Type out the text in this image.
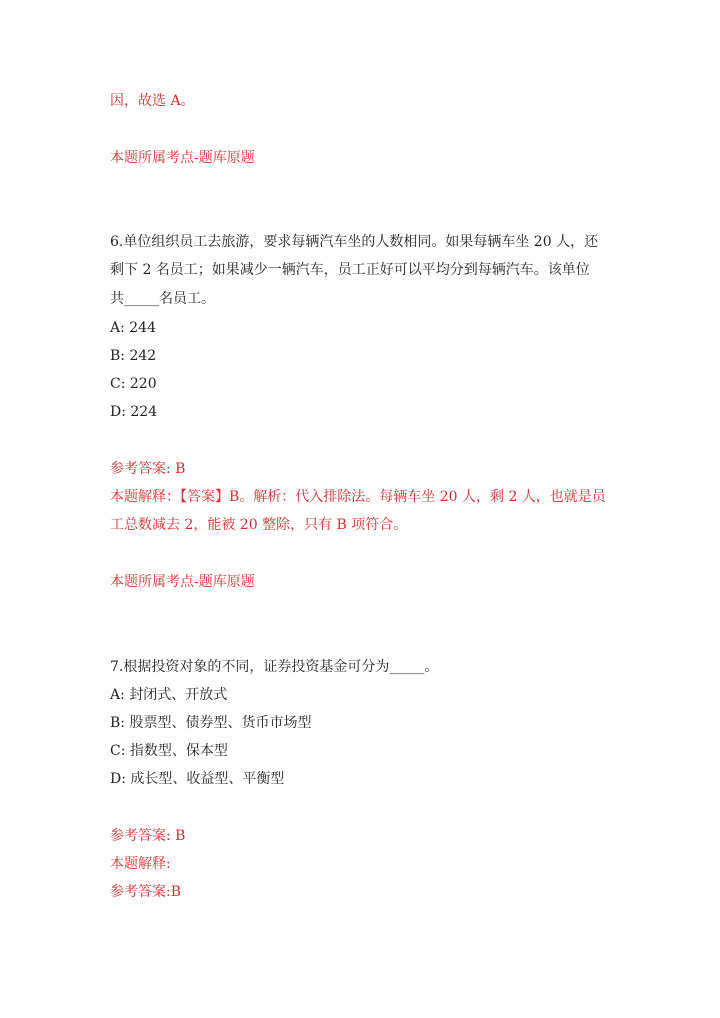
因，故选 A。
本题所属考点-题库原题
6.单位组织员工去旅游，要求每辆汽车坐的人数相同。如果每辆车坐 20 人，还
剩下 2 名员工；如果减少一辆汽车，员工正好可以平均分到每辆汽车。该单位
共_____名员工。
A: 244
B: 242
C: 220
D: 224
参考答案: B
本题解释：【答案】B。解析：代入排除法。每辆车坐 20 人，剩 2 人，也就是员
工总数减去 2，能被 20 整除，只有 B 项符合。
本题所属考点-题库原题
7.根据投资对象的不同，证券投资基金可分为_____。
A: 封闭式、开放式
B: 股票型、债券型、货币市场型
C: 指数型、保本型
D: 成长型、收益型、平衡型
参考答案: B
本题解释:
参考答案:B
